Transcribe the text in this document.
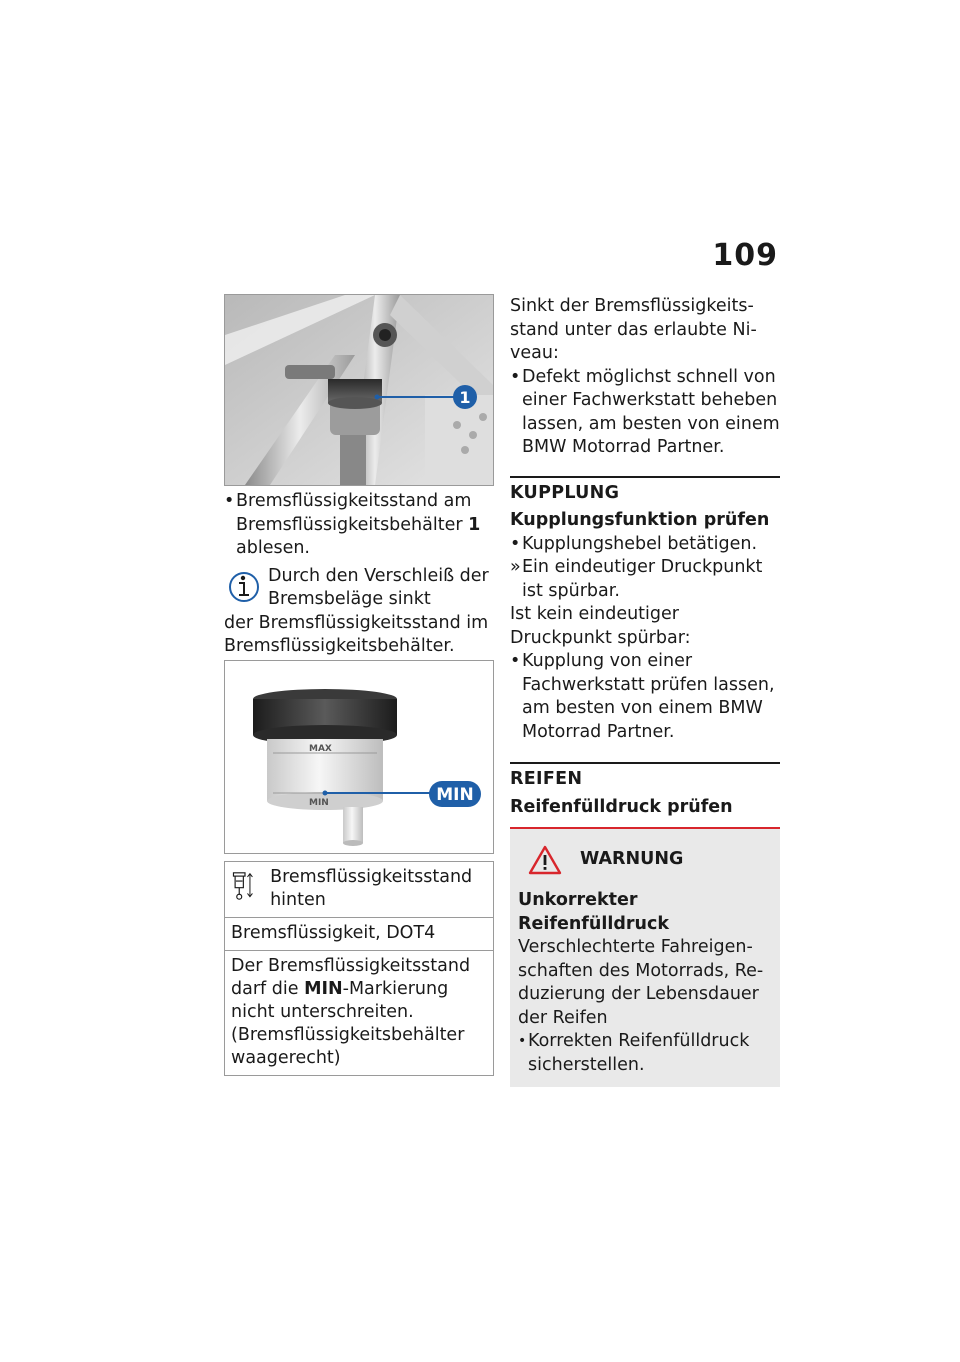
109
1
• Bremsflüssigkeitsstand am Bremsflüssigkeitsbehälter 1 ablesen.
Durch den Verschleiß der Bremsbeläge sinkt
der Bremsflüssigkeitsstand im Bremsflüssigkeitsbehälter.
MAX
MIN	MIN
Bremsflüssigkeitsstand hinten
Bremsflüssigkeit, DOT4
Der Bremsflüssigkeitsstand darf die MIN-Markierung nicht unterschreiten. (Bremsflüssigkeitsbehälter waagerecht)
Sinkt der Bremsflüssigkeitsstand unter das erlaubte Niveau:
• Defekt möglichst schnell von einer Fachwerkstatt beheben lassen, am besten von einem BMW Motorrad Partner.
KUPPLUNG
Kupplungsfunktion prüfen
• Kupplungshebel betätigen.
» Ein eindeutiger Druckpunkt ist spürbar.
Ist kein eindeutiger Druckpunkt spürbar:
• Kupplung von einer Fachwerkstatt prüfen lassen, am besten von einem BMW Motorrad Partner.
REIFEN
Reifenfülldruck prüfen
WARNUNG
Unkorrekter Reifenfülldruck
Verschlechterte Fahreigenschaften des Motorrads, Reduzierung der Lebensdauer der Reifen
• Korrekten Reifenfülldruck sicherstellen.
